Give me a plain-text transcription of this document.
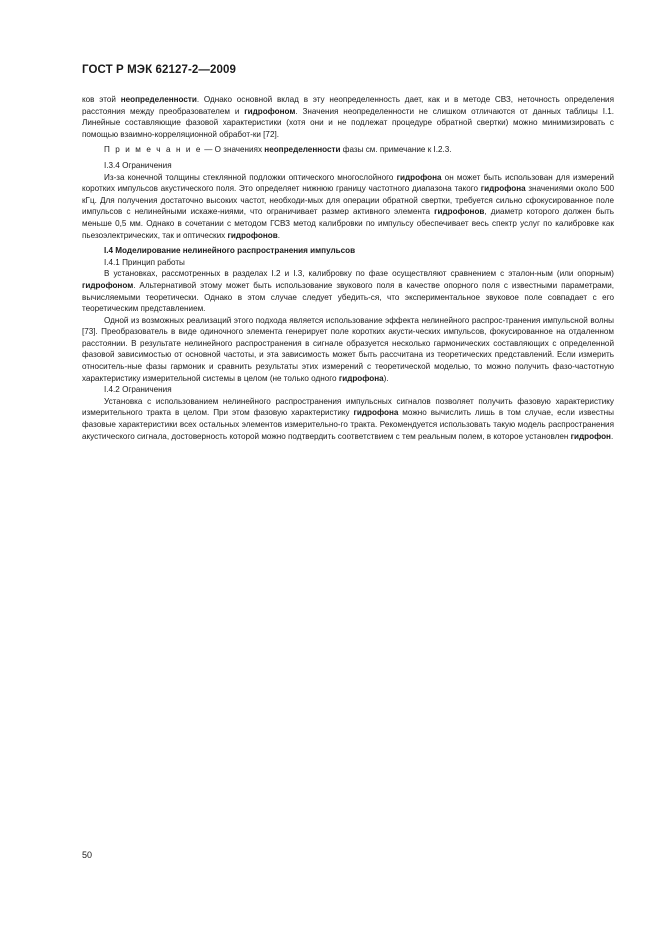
ГОСТ Р МЭК 62127-2—2009

ков этой неопределенности. Однако основной вклад в эту неопределенность дает, как и в методе СВЗ, неточность определения расстояния между преобразователем и гидрофоном. Значения неопределенности не слишком отличаются от данных таблицы I.1. Линейные составляющие фазовой характеристики (хотя они и не подлежат процедуре обратной свертки) можно минимизировать с помощью взаимно-корреляционной обработ-ки [72].

П р и м е ч а н и е — О значениях неопределенности фазы см. примечание к I.2.3.

I.3.4 Ограничения

Из-за конечной толщины стеклянной подложки оптического многослойного гидрофона он может быть использован для измерений коротких импульсов акустического поля. Это определяет нижнюю границу частотного диапазона такого гидрофона значениями около 500 кГц. Для получения достаточно высоких частот, необходи-мых для операции обратной свертки, требуется сильно сфокусированное поле импульсов с нелинейными искаже-ниями, что ограничивает размер активного элемента гидрофонов, диаметр которого должен быть меньше 0,5 мм. Однако в сочетании с методом ГСВЗ метод калибровки по импульсу обеспечивает весь спектр услуг по калибровке как пьезоэлектрических, так и оптических гидрофонов.

I.4 Моделирование нелинейного распространения импульсов

I.4.1 Принцип работы

В установках, рассмотренных в разделах I.2 и I.3, калибровку по фазе осуществляют сравнением с эталон-ным (или опорным) гидрофоном. Альтернативой этому может быть использование звукового поля в качестве опорного поля с известными параметрами, вычисляемыми теоретически. Однако в этом случае следует убедить-ся, что экспериментальное звуковое поле совпадает с его теоретическим представлением.

Одной из возможных реализаций этого подхода является использование эффекта нелинейного распрос-транения импульсной волны [73]. Преобразователь в виде одиночного элемента генерирует поле коротких акусти-ческих импульсов, фокусированное на отдаленном расстоянии. В результате нелинейного распространения в сигнале образуется несколько гармонических составляющих с определенной фазовой зависимостью от основной частоты, и эта зависимость может быть рассчитана из теоретических представлений. Если измерить относитель-ные фазы гармоник и сравнить результаты этих измерений с теоретической моделью, то можно получить фазо-частотную характеристику измерительной системы в целом (не только одного гидрофона).

I.4.2 Ограничения

Установка с использованием нелинейного распространения импульсных сигналов позволяет получить фазовую характеристику измерительного тракта в целом. При этом фазовую характеристику гидрофона можно вычислить лишь в том случае, если известны фазовые характеристики всех остальных элементов измерительно-го тракта. Рекомендуется использовать такую модель распространения акустического сигнала, достоверность которой можно подтвердить соответствием с тем реальным полем, в которое установлен гидрофон.

50
